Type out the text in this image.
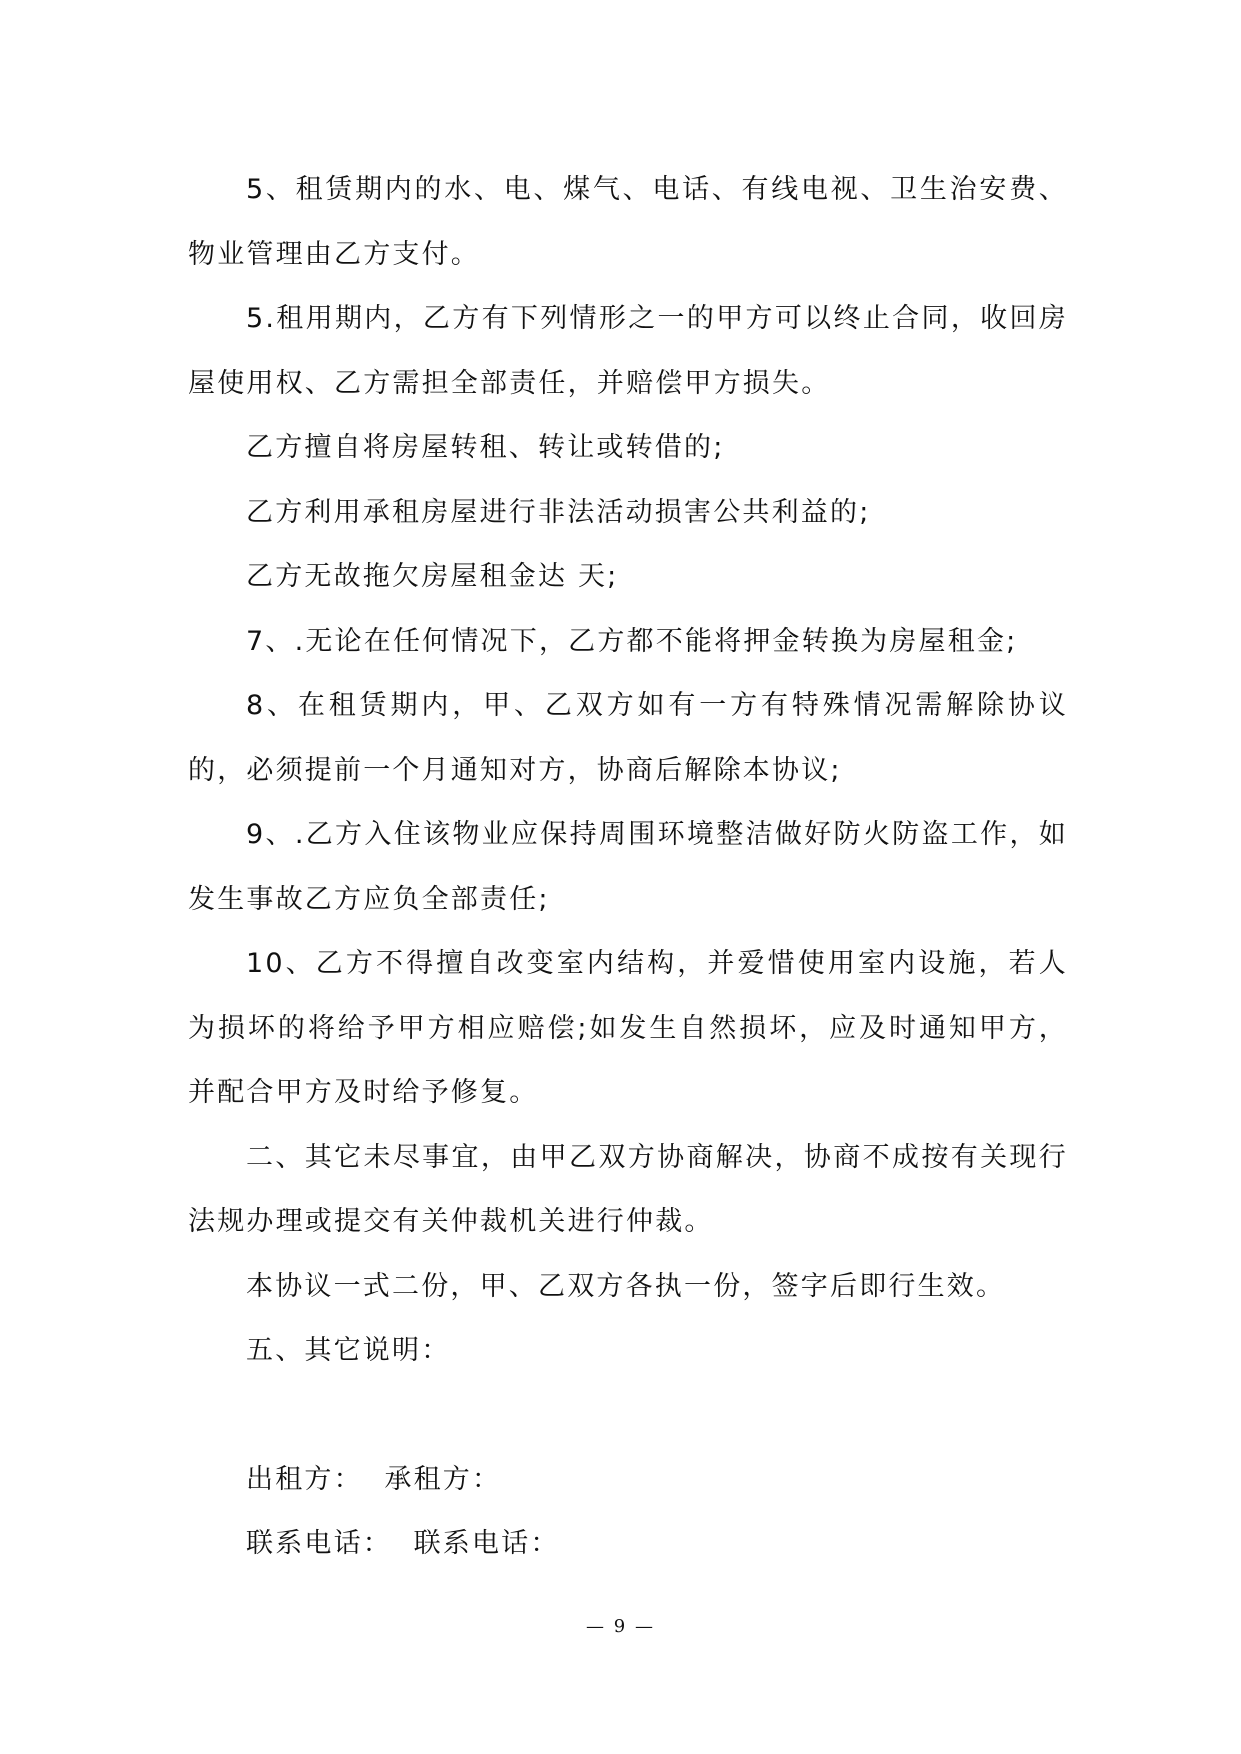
5、租赁期内的水、电、煤气、电话、有线电视、卫生治安费、物业管理由乙方支付。

5.租用期内，乙方有下列情形之一的甲方可以终止合同，收回房屋使用权、乙方需担全部责任，并赔偿甲方损失。

乙方擅自将房屋转租、转让或转借的;

乙方利用承租房屋进行非法活动损害公共利益的;

乙方无故拖欠房屋租金达 天;

7、.无论在任何情况下，乙方都不能将押金转换为房屋租金;

8、在租赁期内，甲、乙双方如有一方有特殊情况需解除协议的，必须提前一个月通知对方，协商后解除本协议;

9、.乙方入住该物业应保持周围环境整洁做好防火防盗工作，如发生事故乙方应负全部责任;

10、乙方不得擅自改变室内结构，并爱惜使用室内设施，若人为损坏的将给予甲方相应赔偿;如发生自然损坏，应及时通知甲方，并配合甲方及时给予修复。

二、其它未尽事宜，由甲乙双方协商解决，协商不成按有关现行法规办理或提交有关仲裁机关进行仲裁。

本协议一式二份，甲、乙双方各执一份，签字后即行生效。

五、其它说明：

出租方：  承租方：

联系电话：  联系电话：

— 9 —
